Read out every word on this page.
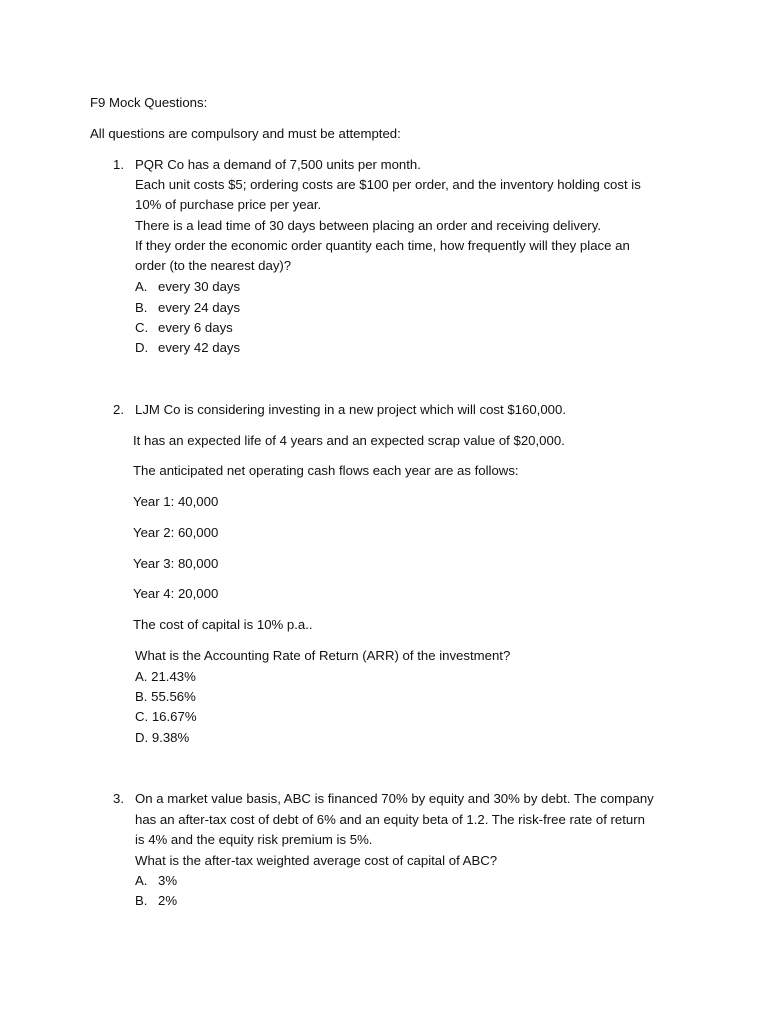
F9 Mock Questions:
All questions are compulsory and must be attempted:
1. PQR Co has a demand of 7,500 units per month.
Each unit costs $5; ordering costs are $100 per order, and the inventory holding cost is
10% of purchase price per year.
There is a lead time of 30 days between placing an order and receiving delivery.
If they order the economic order quantity each time, how frequently will they place an
order (to the nearest day)?
A. every 30 days
B. every 24 days
C. every 6 days
D. every 42 days
2. LJM Co is considering investing in a new project which will cost $160,000.
It has an expected life of 4 years and an expected scrap value of $20,000.
The anticipated net operating cash flows each year are as follows:
Year 1: 40,000
Year 2: 60,000
Year 3: 80,000
Year 4: 20,000
The cost of capital is 10% p.a..
What is the Accounting Rate of Return (ARR) of the investment?
A. 21.43%
B. 55.56%
C. 16.67%
D. 9.38%
3. On a market value basis, ABC is financed 70% by equity and 30% by debt. The company
has an after-tax cost of debt of 6% and an equity beta of 1.2. The risk-free rate of return
is 4% and the equity risk premium is 5%.
What is the after-tax weighted average cost of capital of ABC?
A. 3%
B. 2%
